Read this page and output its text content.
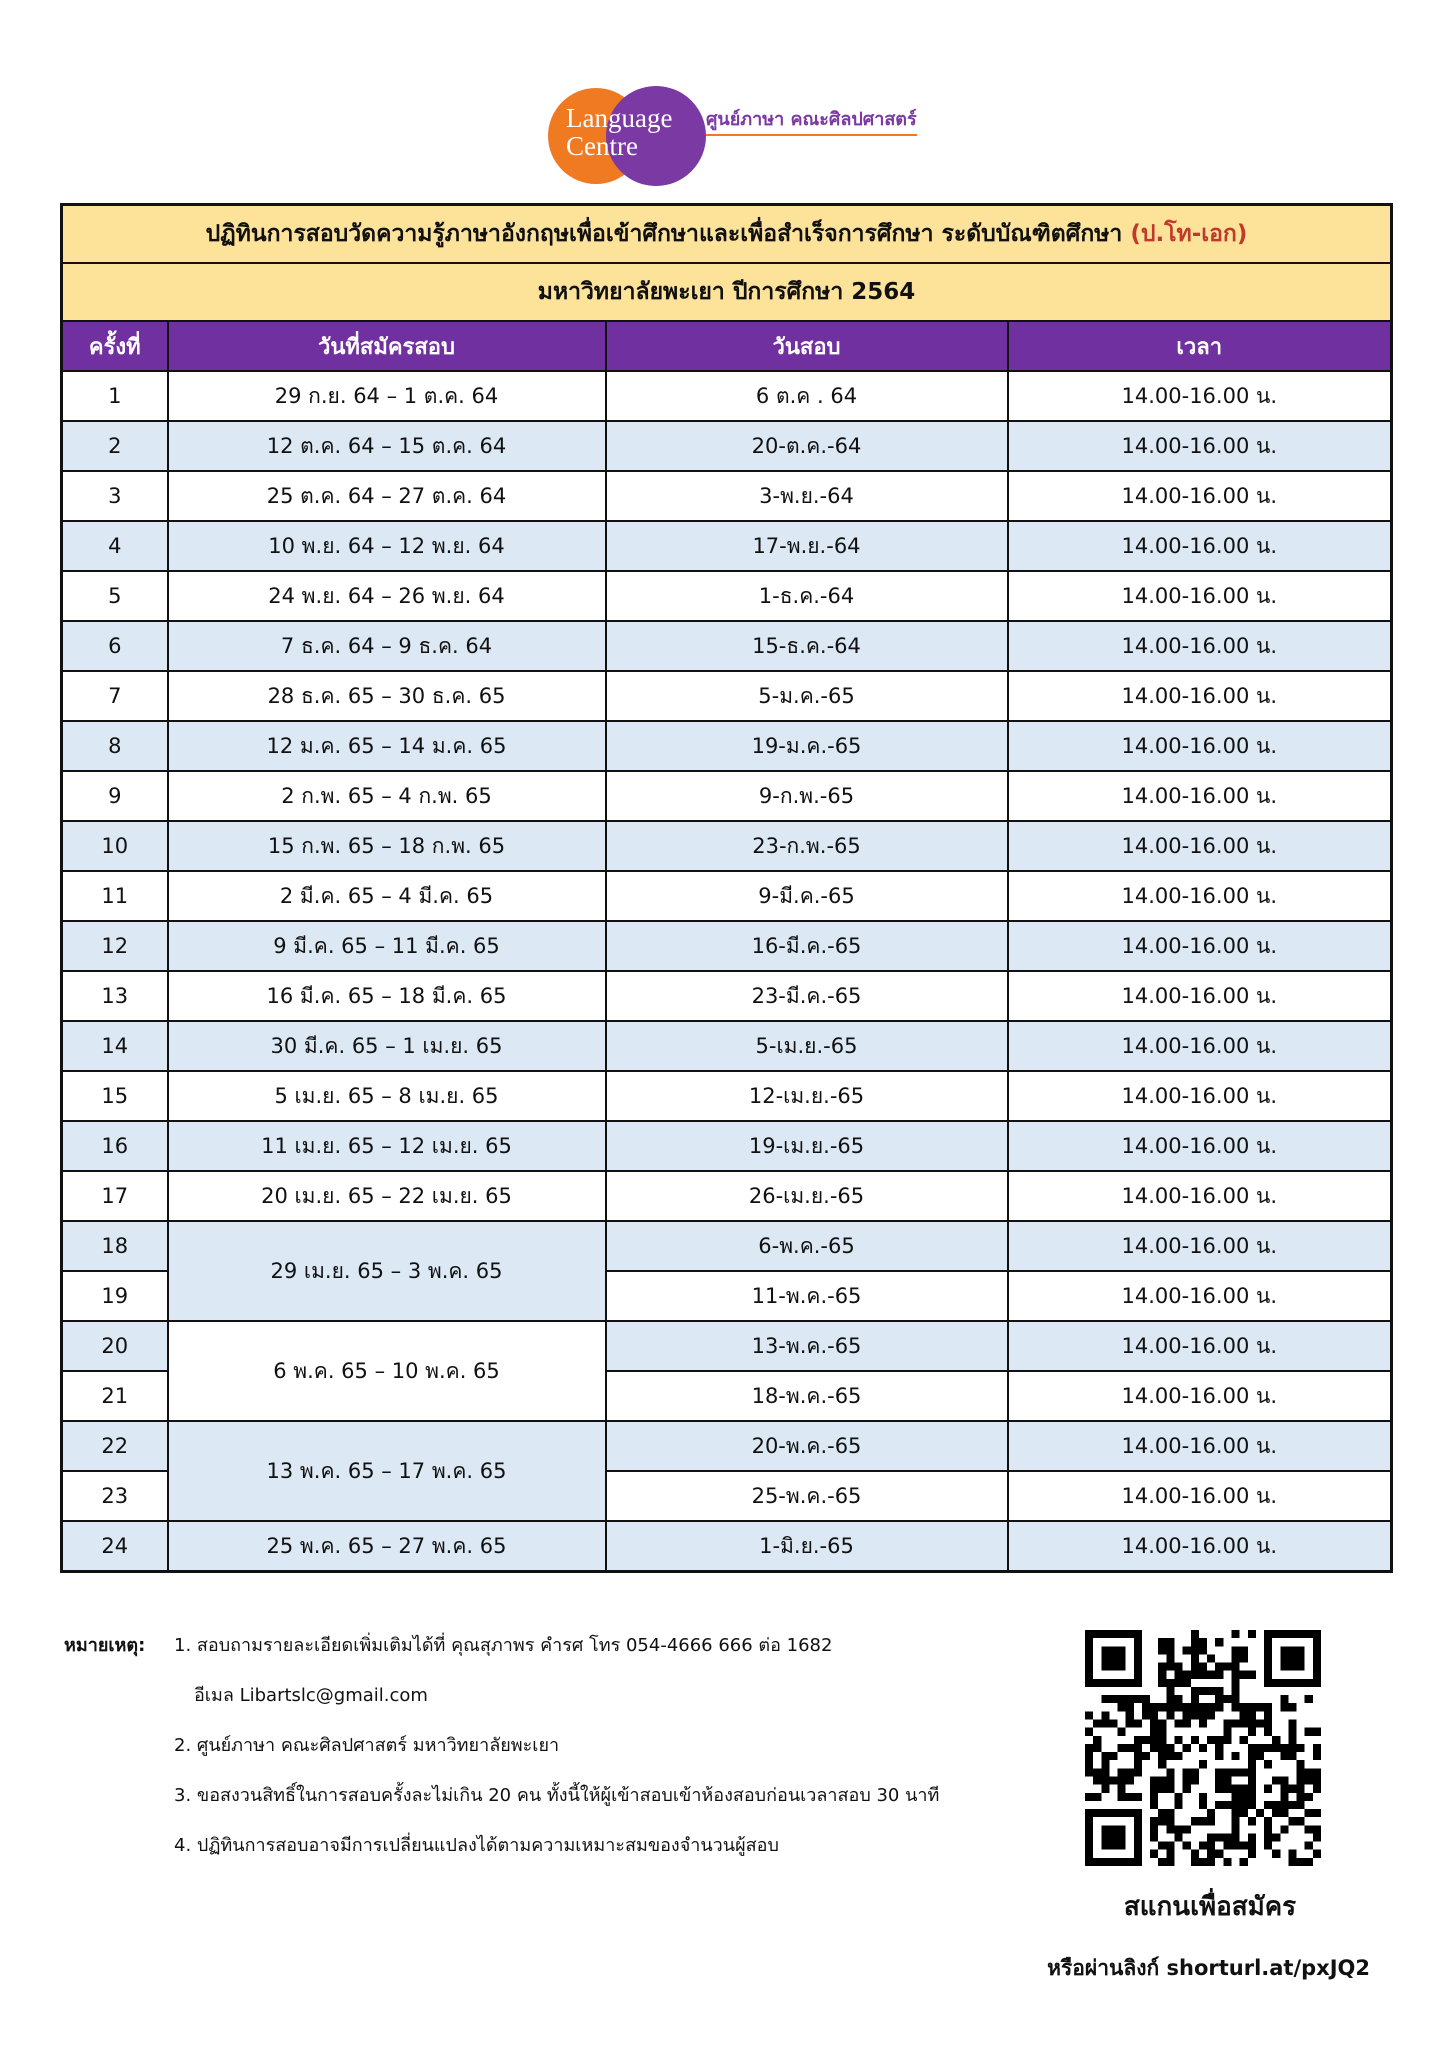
Language
Centre
ศูนย์ภาษา คณะศิลปศาสตร์
ปฏิทินการสอบวัดความรู้ภาษาอังกฤษเพื่อเข้าศึกษาและเพื่อสำเร็จการศึกษา ระดับบัณฑิตศึกษา (ป.โท-เอก)			
มหาวิทยาลัยพะเยา ปีการศึกษา 2564			
ครั้งที่	วันที่สมัครสอบ	วันสอบ	เวลา
1	29 ก.ย. 64 – 1 ต.ค. 64	6 ต.ค . 64	14.00-16.00 น.
2	12 ต.ค. 64 – 15 ต.ค. 64	20-ต.ค.-64	14.00-16.00 น.
3	25 ต.ค. 64 – 27 ต.ค. 64	3-พ.ย.-64	14.00-16.00 น.
4	10 พ.ย. 64 – 12 พ.ย. 64	17-พ.ย.-64	14.00-16.00 น.
5	24 พ.ย. 64 – 26 พ.ย. 64	1-ธ.ค.-64	14.00-16.00 น.
6	7 ธ.ค. 64 – 9 ธ.ค. 64	15-ธ.ค.-64	14.00-16.00 น.
7	28 ธ.ค. 65 – 30 ธ.ค. 65	5-ม.ค.-65	14.00-16.00 น.
8	12 ม.ค. 65 – 14 ม.ค. 65	19-ม.ค.-65	14.00-16.00 น.
9	2 ก.พ. 65 – 4 ก.พ. 65	9-ก.พ.-65	14.00-16.00 น.
10	15 ก.พ. 65 – 18 ก.พ. 65	23-ก.พ.-65	14.00-16.00 น.
11	2 มี.ค. 65 – 4 มี.ค. 65	9-มี.ค.-65	14.00-16.00 น.
12	9 มี.ค. 65 – 11 มี.ค. 65	16-มี.ค.-65	14.00-16.00 น.
13	16 มี.ค. 65 – 18 มี.ค. 65	23-มี.ค.-65	14.00-16.00 น.
14	30 มี.ค. 65 – 1 เม.ย. 65	5-เม.ย.-65	14.00-16.00 น.
15	5 เม.ย. 65 – 8 เม.ย. 65	12-เม.ย.-65	14.00-16.00 น.
16	11 เม.ย. 65 – 12 เม.ย. 65	19-เม.ย.-65	14.00-16.00 น.
17	20 เม.ย. 65 – 22 เม.ย. 65	26-เม.ย.-65	14.00-16.00 น.
18	29 เม.ย. 65 – 3 พ.ค. 65	6-พ.ค.-65	14.00-16.00 น.
19		11-พ.ค.-65	14.00-16.00 น.
20	6 พ.ค. 65 – 10 พ.ค. 65	13-พ.ค.-65	14.00-16.00 น.
21		18-พ.ค.-65	14.00-16.00 น.
22	13 พ.ค. 65 – 17 พ.ค. 65	20-พ.ค.-65	14.00-16.00 น.
23		25-พ.ค.-65	14.00-16.00 น.
24	25 พ.ค. 65 – 27 พ.ค. 65	1-มิ.ย.-65	14.00-16.00 น.
หมายเหตุ: 1. สอบถามรายละเอียดเพิ่มเติมได้ที่ คุณสุภาพร คำรศ โทร 054-4666 666 ต่อ 1682
อีเมล Libartslc@gmail.com
2. ศูนย์ภาษา คณะศิลปศาสตร์ มหาวิทยาลัยพะเยา
3. ขอสงวนสิทธิ์ในการสอบครั้งละไม่เกิน 20 คน ทั้งนี้ให้ผู้เข้าสอบเข้าห้องสอบก่อนเวลาสอบ 30 นาที
4. ปฏิทินการสอบอาจมีการเปลี่ยนแปลงได้ตามความเหมาะสมของจำนวนผู้สอบ
สแกนเพื่อสมัคร
หรือผ่านลิงก์ shorturl.at/pxJQ2
